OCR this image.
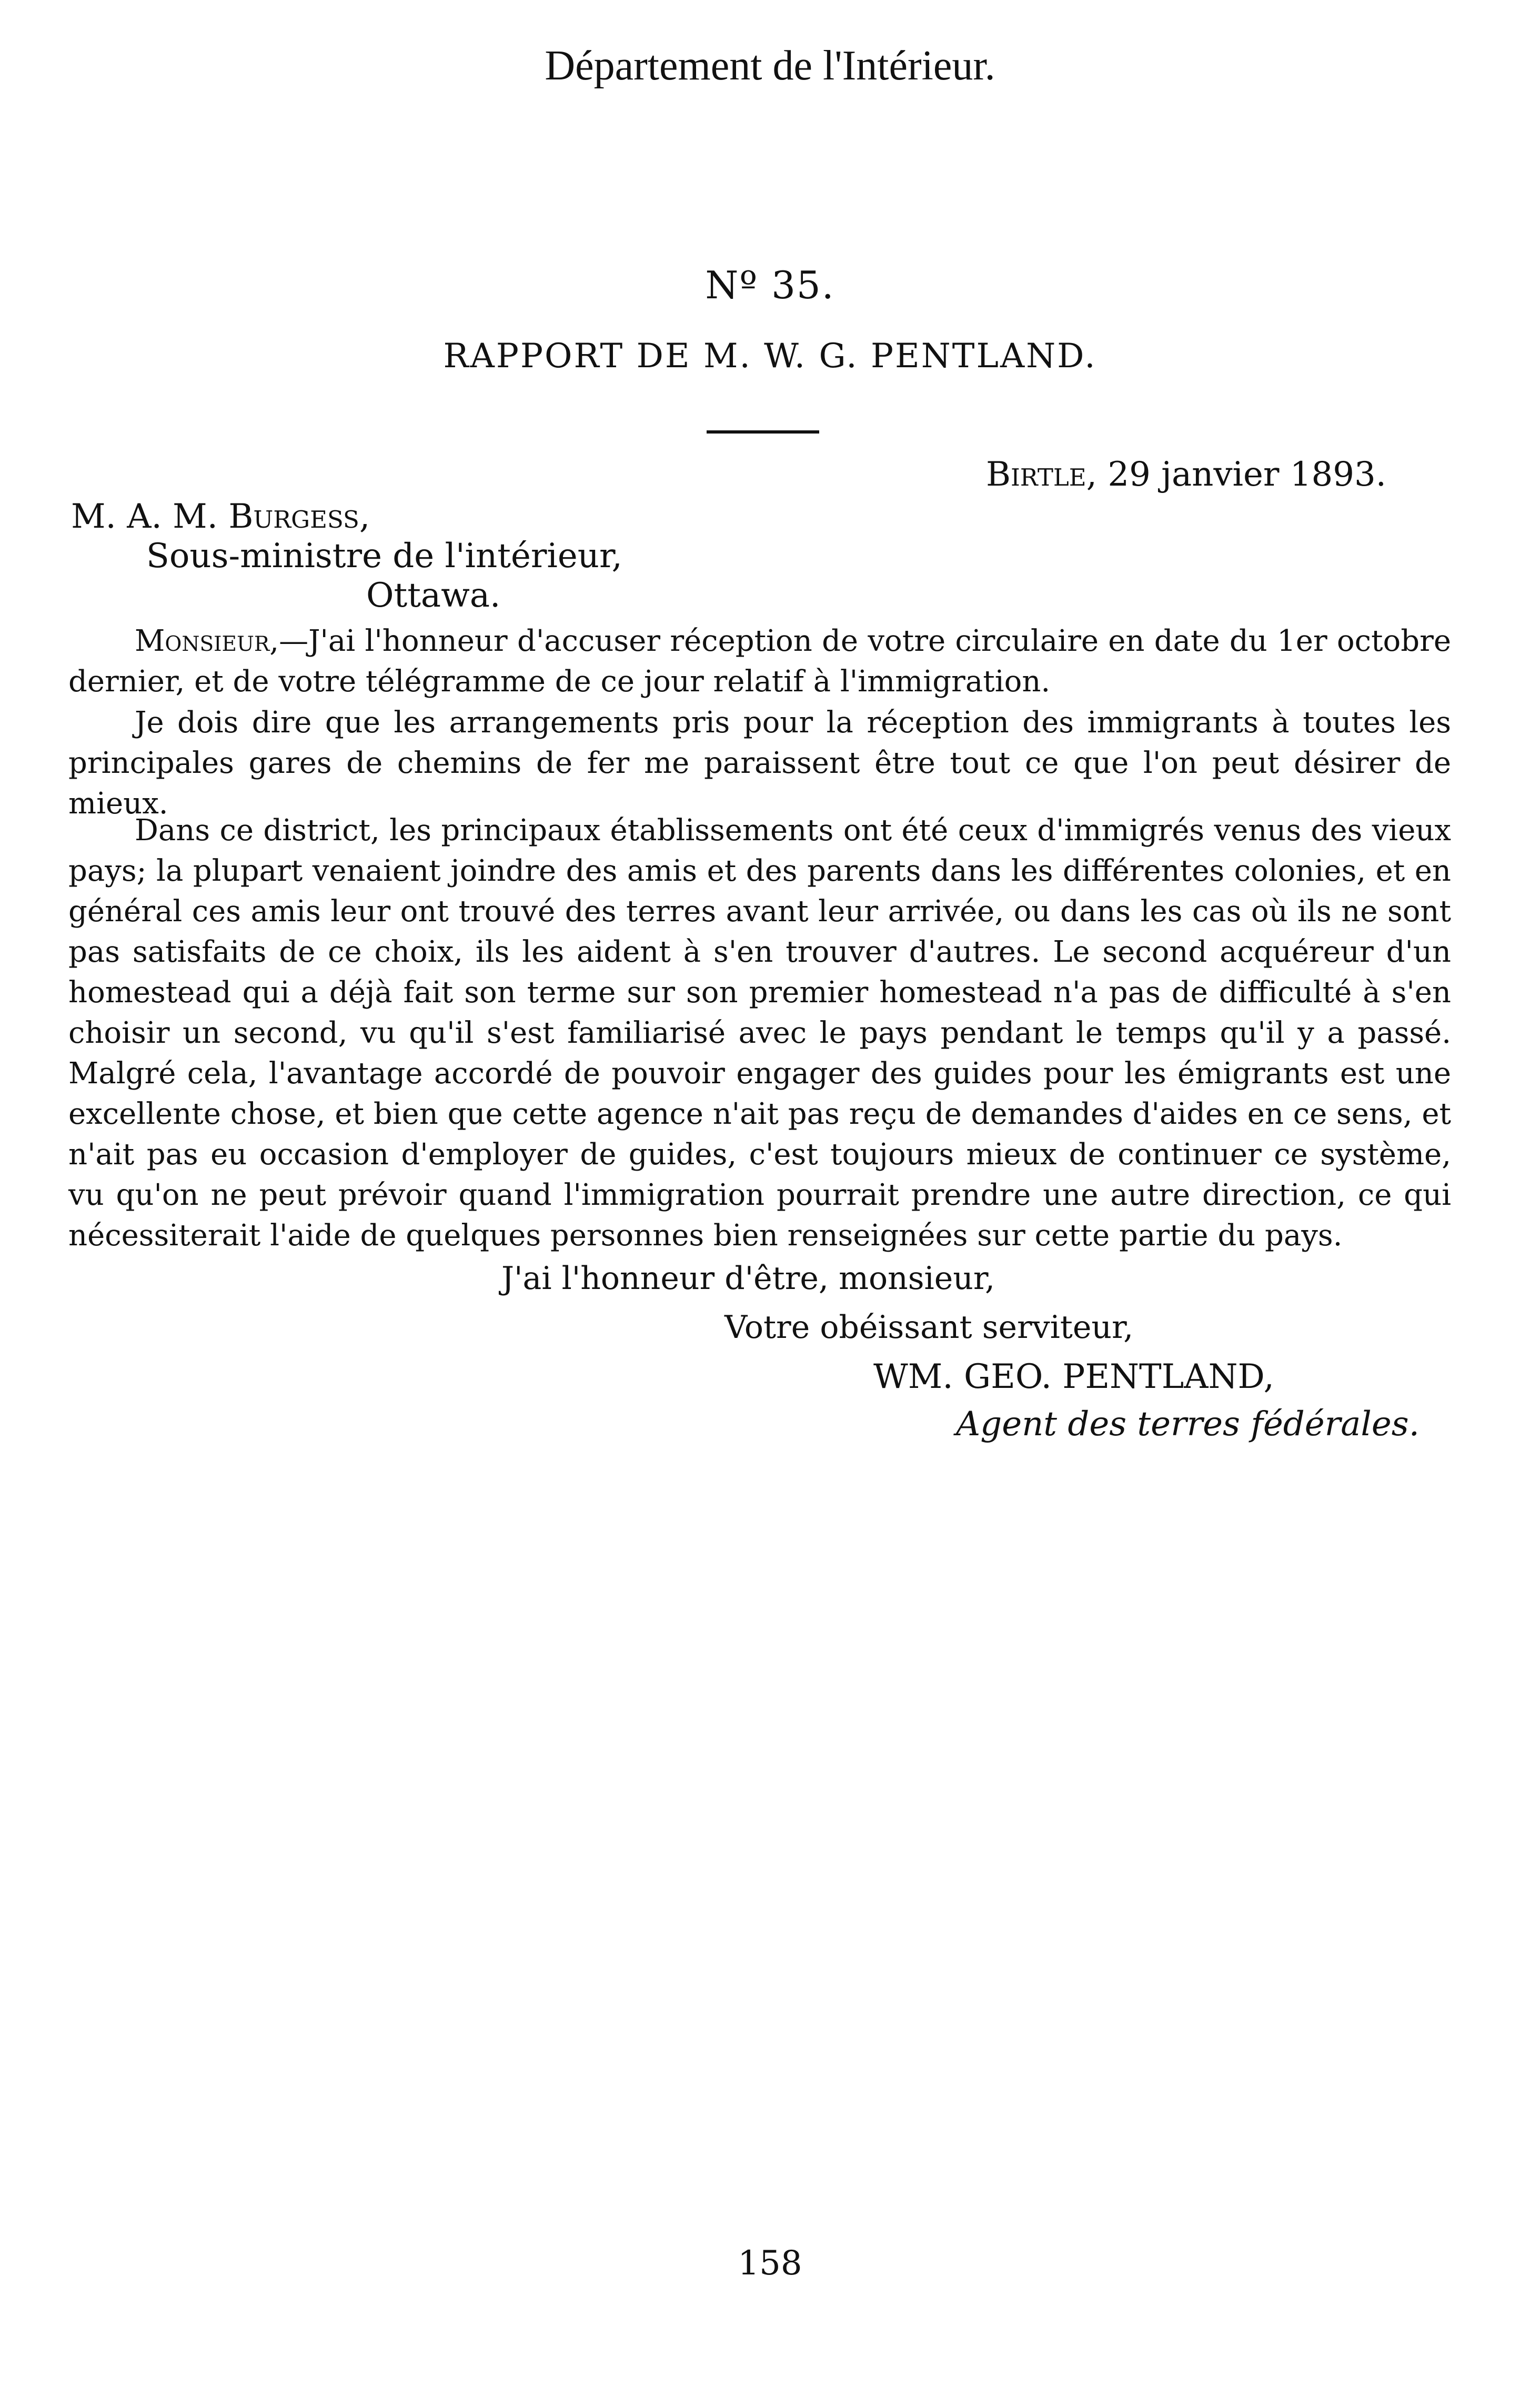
Département de l'Intérieur.
Nº 35.
RAPPORT DE M. W. G. PENTLAND.
Birtle, 29 janvier 1893.
M. A. M. Burgess,
Sous-ministre de l'intérieur,
Ottawa.
Monsieur,—J'ai l'honneur d'accuser réception de votre circulaire en date du 1er octobre dernier, et de votre télégramme de ce jour relatif à l'immigration.
Je dois dire que les arrangements pris pour la réception des immigrants à toutes les principales gares de chemins de fer me paraissent être tout ce que l'on peut désirer de mieux.
Dans ce district, les principaux établissements ont été ceux d'immigrés venus des vieux pays; la plupart venaient joindre des amis et des parents dans les différentes colonies, et en général ces amis leur ont trouvé des terres avant leur arrivée, ou dans les cas où ils ne sont pas satisfaits de ce choix, ils les aident à s'en trouver d'autres. Le second acquéreur d'un homestead qui a déjà fait son terme sur son premier homestead n'a pas de difficulté à s'en choisir un second, vu qu'il s'est familiarisé avec le pays pendant le temps qu'il y a passé. Malgré cela, l'avantage accordé de pouvoir engager des guides pour les émigrants est une excellente chose, et bien que cette agence n'ait pas reçu de demandes d'aides en ce sens, et n'ait pas eu occasion d'employer de guides, c'est toujours mieux de continuer ce système, vu qu'on ne peut prévoir quand l'immigration pourrait prendre une autre direction, ce qui nécessiterait l'aide de quelques personnes bien renseignées sur cette partie du pays.
J'ai l'honneur d'être, monsieur,
Votre obéissant serviteur,
WM. GEO. PENTLAND,
Agent des terres fédérales.
158
